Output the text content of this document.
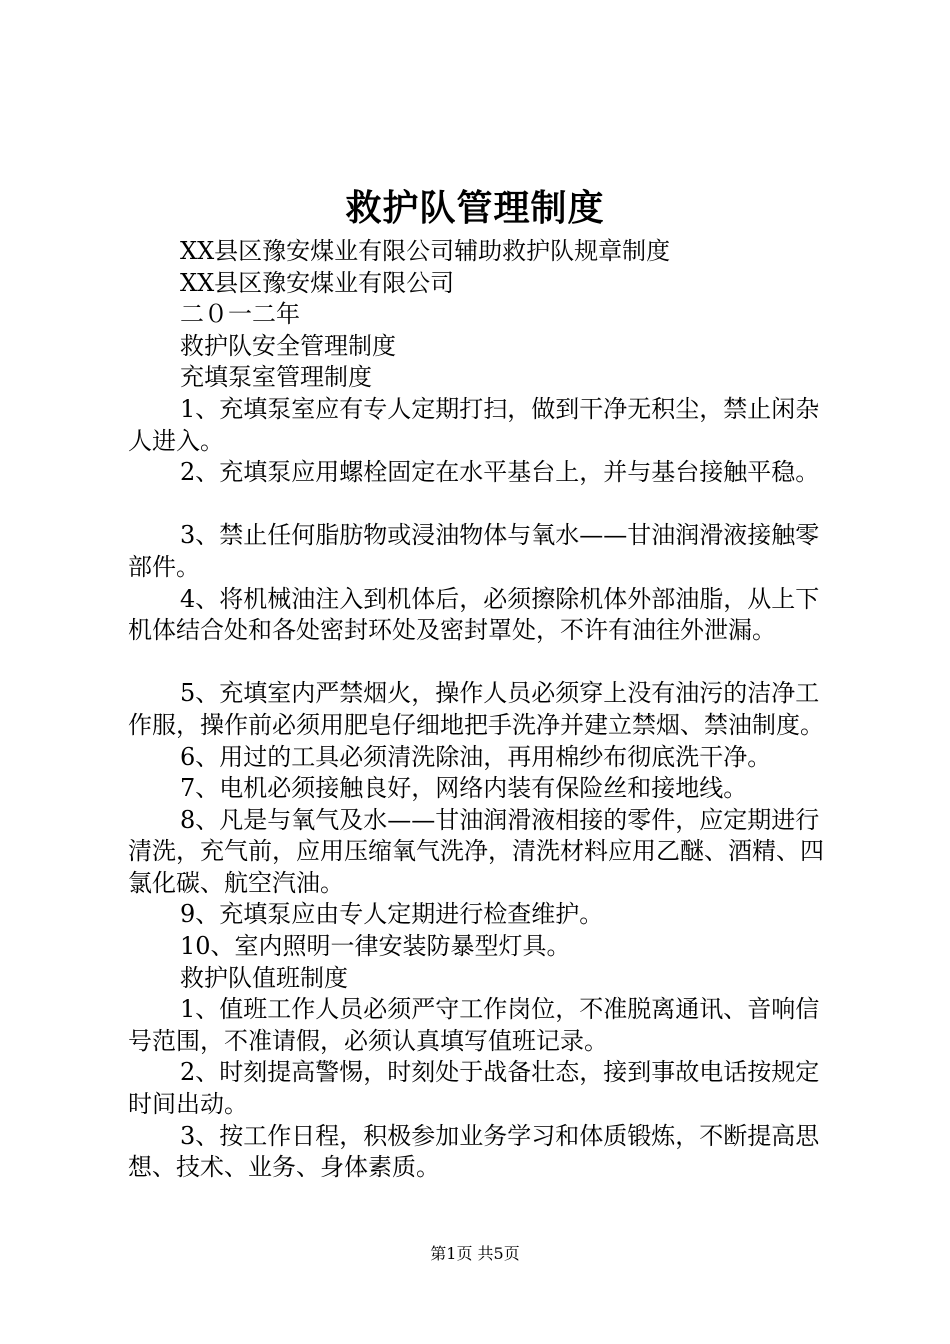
救护队管理制度

XX县区豫安煤业有限公司辅助救护队规章制度

XX县区豫安煤业有限公司

二０一二年

救护队安全管理制度

充填泵室管理制度

1、充填泵室应有专人定期打扫，做到干净无积尘，禁止闲杂人进入。

2、充填泵应用螺栓固定在水平基台上，并与基台接触平稳。

3、禁止任何脂肪物或浸油物体与氧水——甘油润滑液接触零部件。

4、将机械油注入到机体后，必须擦除机体外部油脂，从上下机体结合处和各处密封环处及密封罩处，不许有油往外泄漏。

5、充填室内严禁烟火，操作人员必须穿上没有油污的洁净工作服，操作前必须用肥皂仔细地把手洗净并建立禁烟、禁油制度。

6、用过的工具必须清洗除油，再用棉纱布彻底洗干净。

7、电机必须接触良好，网络内装有保险丝和接地线。

8、凡是与氧气及水——甘油润滑液相接的零件，应定期进行清洗，充气前，应用压缩氧气洗净，清洗材料应用乙醚、酒精、四氯化碳、航空汽油。

9、充填泵应由专人定期进行检查维护。

10、室内照明一律安装防暴型灯具。

救护队值班制度

1、值班工作人员必须严守工作岗位，不准脱离通讯、音响信号范围，不准请假，必须认真填写值班记录。

2、时刻提高警惕，时刻处于战备壮态，接到事故电话按规定时间出动。

3、按工作日程，积极参加业务学习和体质锻炼，不断提高思想、技术、业务、身体素质。

第1页 共5页
